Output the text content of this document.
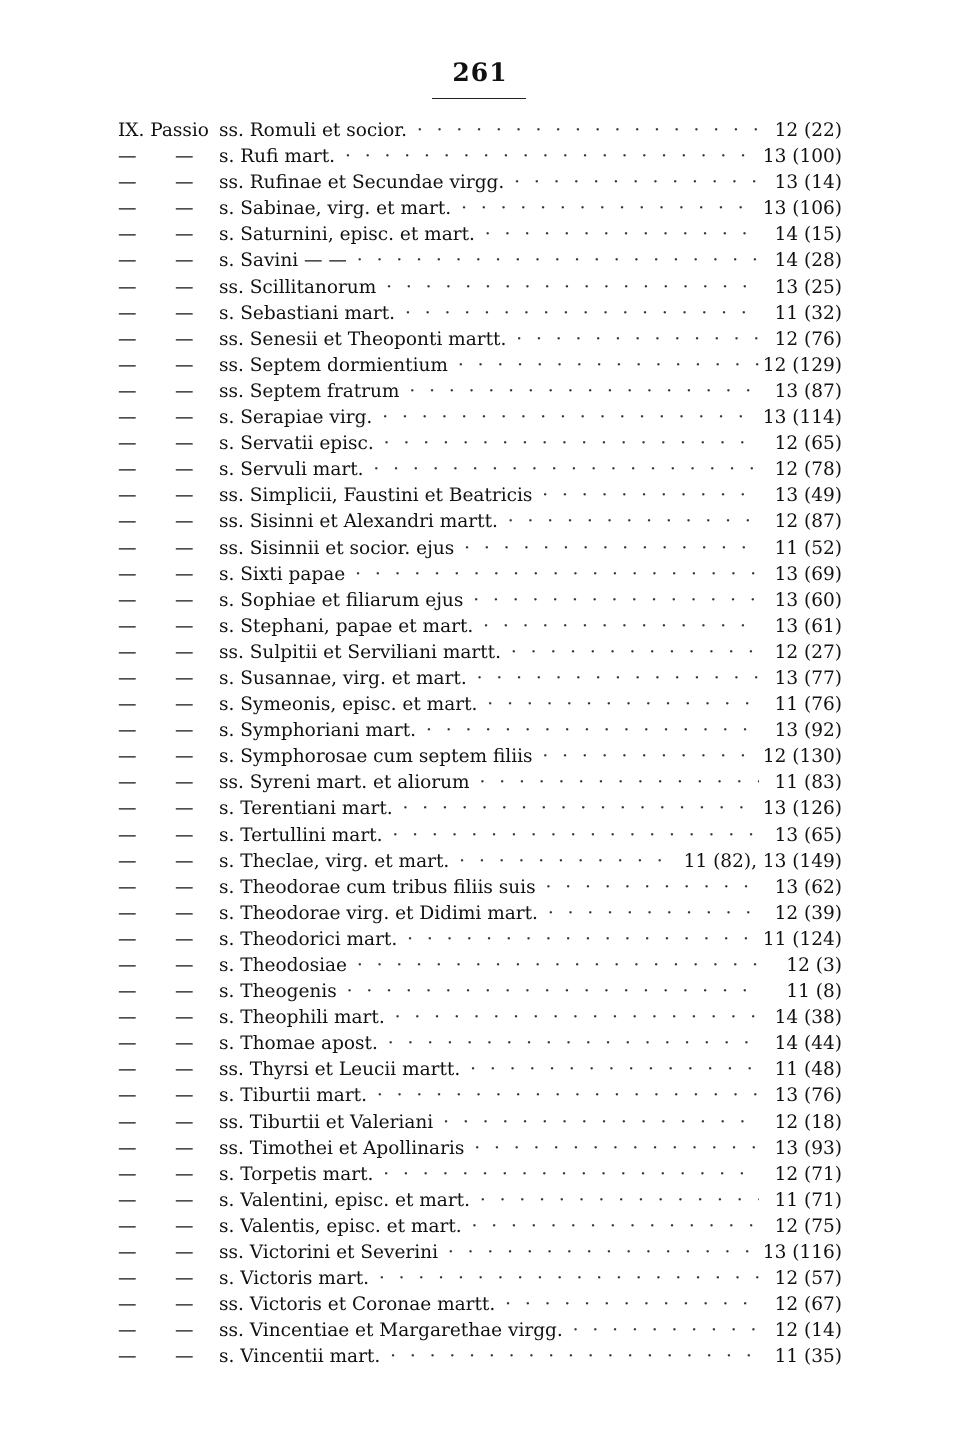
261
IX. Passio ss. Romuli et socior. · · ·	12 (22)
— — s. Rufi mart. · · ·	13 (100)
— — ss. Rufinae et Secundae virgg. · · ·	13 (14)
— — s. Sabinae, virg. et mart. · · ·	13 (106)
— — s. Saturnini, episc. et mart. · · ·	14 (15)
— — s. Savini — — · · ·	14 (28)
— — ss. Scillitanorum · · ·	13 (25)
— — s. Sebastiani mart. · · ·	11 (32)
— — ss. Senesii et Theoponti martt. · · ·	12 (76)
— — ss. Septem dormientium · · ·	12 (129)
— — ss. Septem fratrum · · ·	13 (87)
— — s. Serapiae virg. · · ·	13 (114)
— — s. Servatii episc. · · ·	12 (65)
— — s. Servuli mart. · · ·	12 (78)
— — ss. Simplicii, Faustini et Beatricis · · ·	13 (49)
— — ss. Sisinni et Alexandri martt. · · ·	12 (87)
— — ss. Sisinnii et socior. ejus · · ·	11 (52)
— — s. Sixti papae · · ·	13 (69)
— — s. Sophiae et filiarum ejus · · ·	13 (60)
— — s. Stephani, papae et mart. · · ·	13 (61)
— — ss. Sulpitii et Serviliani martt. · · ·	12 (27)
— — s. Susannae, virg. et mart. · · ·	13 (77)
— — s. Symeonis, episc. et mart. · · ·	11 (76)
— — s. Symphoriani mart. · · ·	13 (92)
— — s. Symphorosae cum septem filiis · · ·	12 (130)
— — ss. Syreni mart. et aliorum · · ·	11 (83)
— — s. Terentiani mart. · · ·	13 (126)
— — s. Tertullini mart. · · ·	13 (65)
— — s. Theclae, virg. et mart. · · ·	11 (82), 13 (149)
— — s. Theodorae cum tribus filiis suis · · ·	13 (62)
— — s. Theodorae virg. et Didimi mart. · · ·	12 (39)
— — s. Theodorici mart. · · ·	11 (124)
— — s. Theodosiae · · ·	12 (3)
— — s. Theogenis · · ·	11 (8)
— — s. Theophili mart. · · ·	14 (38)
— — s. Thomae apost. · · ·	14 (44)
— — ss. Thyrsi et Leucii martt. · · ·	11 (48)
— — s. Tiburtii mart. · · ·	13 (76)
— — ss. Tiburtii et Valeriani · · ·	12 (18)
— — ss. Timothei et Apollinaris · · ·	13 (93)
— — s. Torpetis mart. · · ·	12 (71)
— — s. Valentini, episc. et mart. · · ·	11 (71)
— — s. Valentis, episc. et mart. · · ·	12 (75)
— — ss. Victorini et Severini · · ·	13 (116)
— — s. Victoris mart. · · ·	12 (57)
— — ss. Victoris et Coronae martt. · · ·	12 (67)
— — ss. Vincentiae et Margarethae virgg. · · ·	12 (14)
— — s. Vincentii mart. · · ·	11 (35)
